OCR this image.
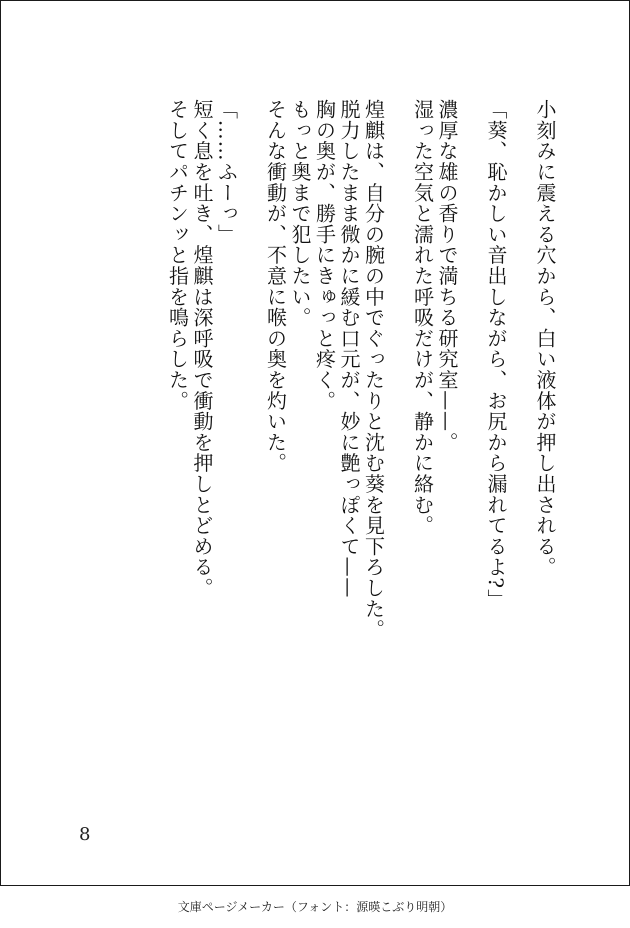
小刻みに震える穴から、白い液体が押し出される。
「葵、恥かしい音出しながら、お尻から漏れてるよ?」
濃厚な雄の香りで満ちる研究室——。
湿った空気と濡れた呼吸だけが、静かに絡む。
煌麒は、自分の腕の中でぐったりと沈む葵を見下ろした。
脱力したまま微かに緩む口元が、妙に艶っぽくて——
胸の奥が、勝手にきゅっと疼く。
もっと奥まで犯したい。
そんな衝動が、不意に喉の奥を灼いた。
「……ふーっ」
短く息を吐き、煌麒は深呼吸で衝動を押しとどめる。
そしてパチンッと指を鳴らした。
8
文庫ページメーカー（フォント：源暎こぶり明朝）
